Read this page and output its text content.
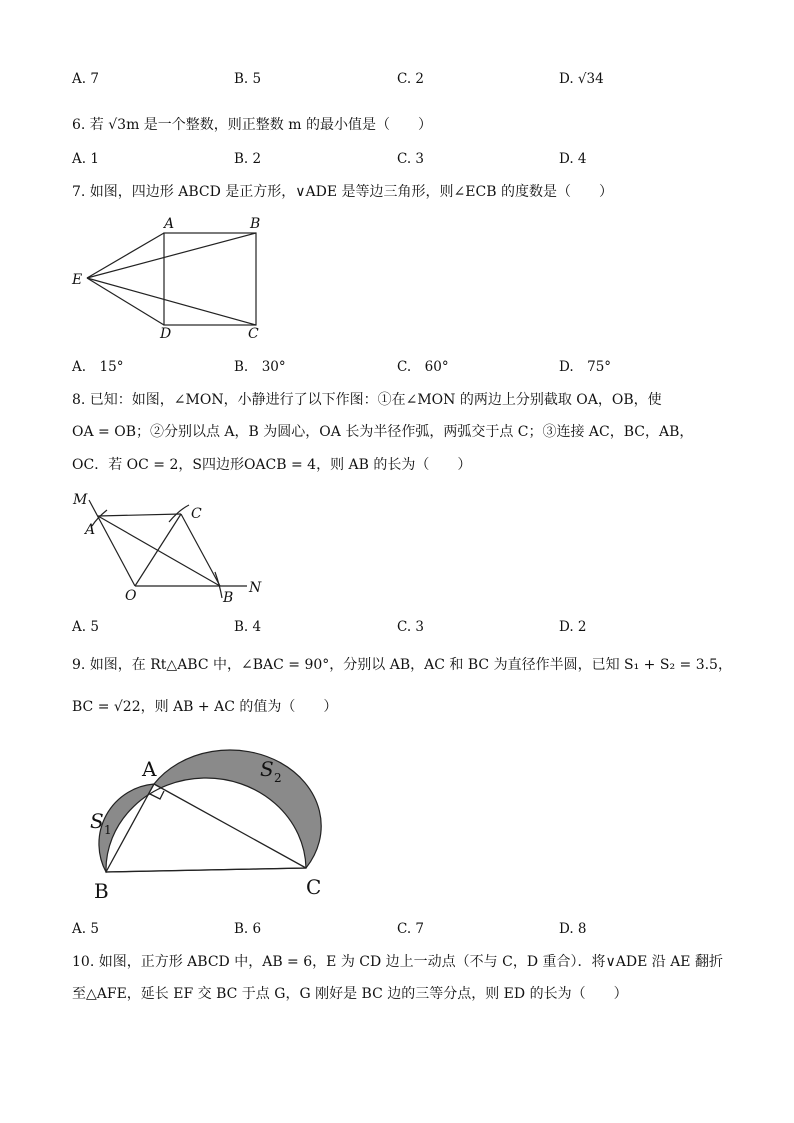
A. 7	B. 5	C. 2	D. √34
6. 若 √3m 是一个整数，则正整数 m 的最小值是（　　）
A. 1	B. 2	C. 3	D. 4
7. 如图，四边形 ABCD 是正方形，∨ADE 是等边三角形，则∠ECB 的度数是（　　）
A	B
C
D
E
A.　15°	B.　30°	C.　60°	D.　75°
8. 已知：如图，∠MON，小静进行了以下作图：①在∠MON 的两边上分别截取 OA，OB，使
OA = OB；②分别以点 A，B 为圆心，OA 长为半径作弧，两弧交于点 C；③连接 AC，BC，AB，
OC．若 OC = 2，S四边形OACB = 4，则 AB 的长为（　　）
M
A
C
O	B
N
A. 5	B. 4	C. 3	D. 2
9. 如图，在 Rt△ABC 中，∠BAC = 90°，分别以 AB，AC 和 BC 为直径作半圆，已知 S₁ + S₂ = 3.5，
BC = √22，则 AB + AC 的值为（　　）
A
B	C
S 1
S 2
A. 5	B. 6	C. 7	D. 8
10. 如图，正方形 ABCD 中，AB = 6，E 为 CD 边上一动点（不与 C，D 重合）．将∨ADE 沿 AE 翻折
至△AFE，延长 EF 交 BC 于点 G，G 刚好是 BC 边的三等分点，则 ED 的长为（　　）
